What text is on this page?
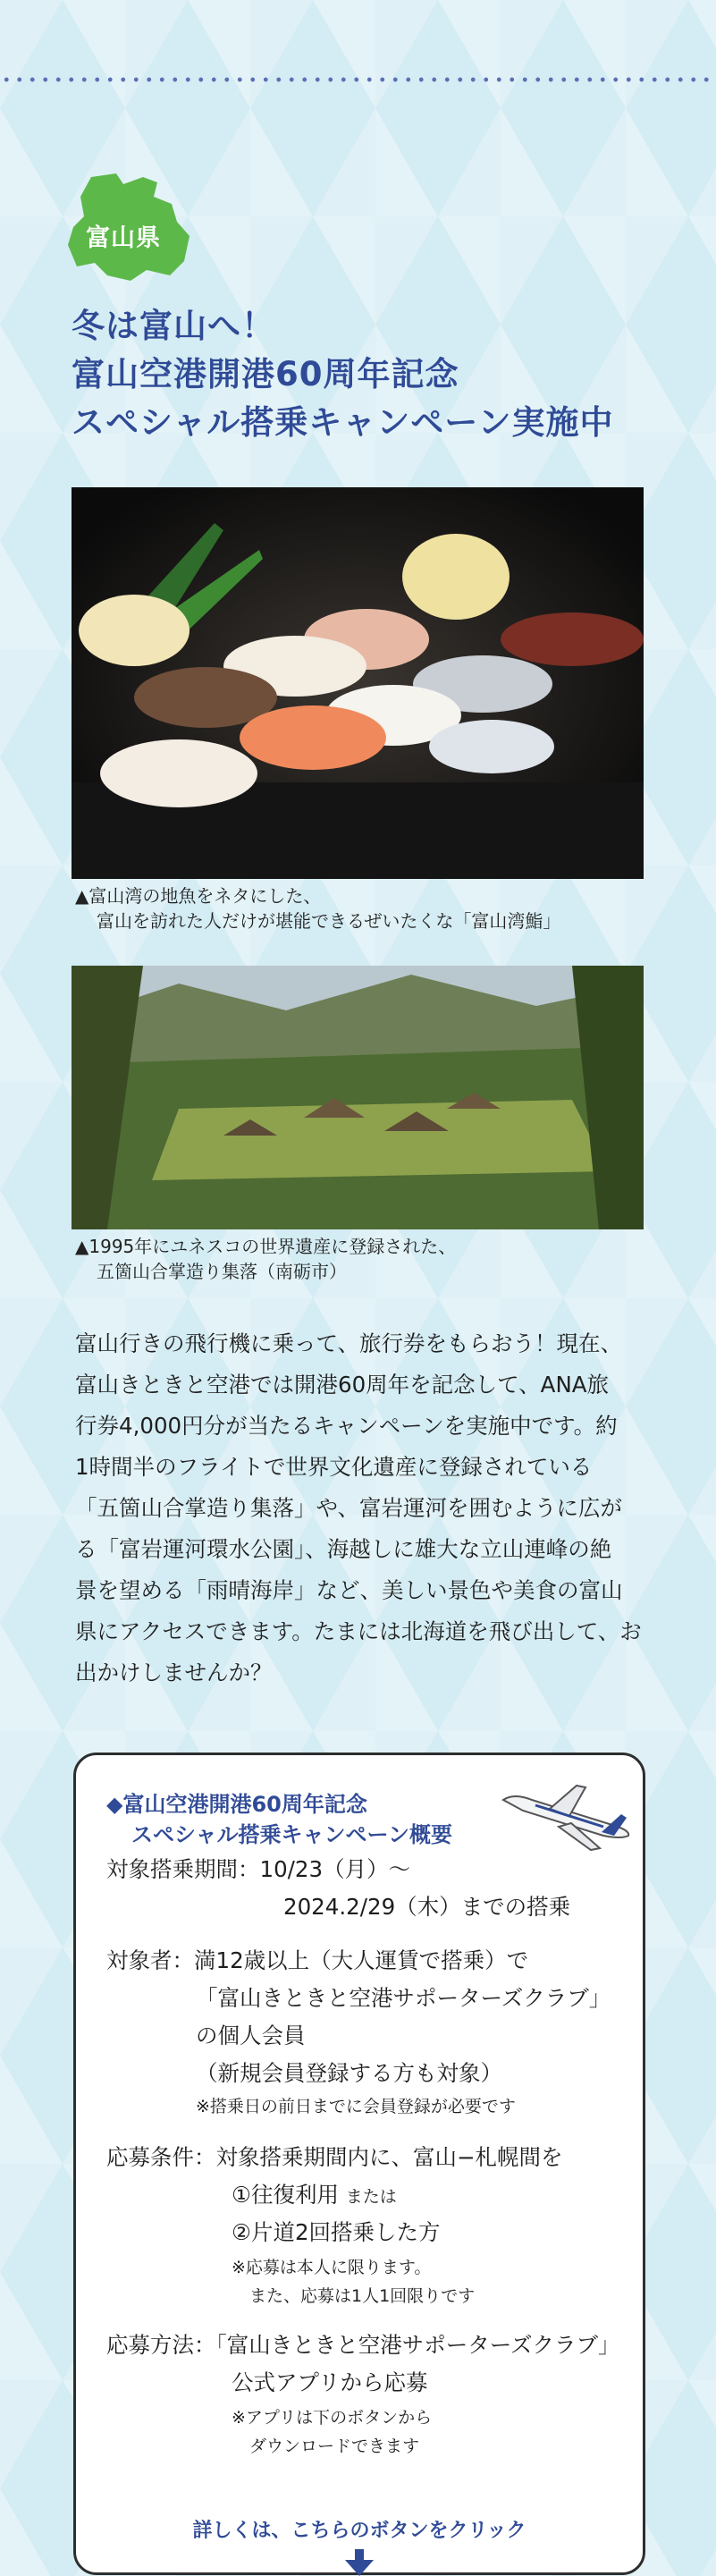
富山県
冬は富山へ！
富山空港開港60周年記念
スペシャル搭乗キャンペーン実施中

▲富山湾の地魚をネタにした、
富山を訪れた人だけが堪能できるぜいたくな「富山湾鮨」

▲1995年にユネスコの世界遺産に登録された、
五箇山合掌造り集落（南砺市）

富山行きの飛行機に乗って、旅行券をもらおう！現在、
富山きときと空港では開港60周年を記念して、ANA旅
行券4,000円分が当たるキャンペーンを実施中です。約
1時間半のフライトで世界文化遺産に登録されている
「五箇山合掌造り集落」や、富岩運河を囲むように広が
る「富岩運河環水公園」、海越しに雄大な立山連峰の絶
景を望める「雨晴海岸」など、美しい景色や美食の富山
県にアクセスできます。たまには北海道を飛び出して、お
出かけしませんか？

◆富山空港開港60周年記念
スペシャル搭乗キャンペーン概要

対象搭乗期間：10/23（月）～
2024.2/29（木）までの搭乗
対象者：満12歳以上（大人運賃で搭乗）で
「富山きときと空港サポーターズクラブ」
の個人会員
（新規会員登録する方も対象）
※搭乗日の前日までに会員登録が必要です
応募条件：対象搭乗期間内に、富山−札幌間を
①往復利用 または
②片道2回搭乗した方
※応募は本人に限ります。
また、応募は1人1回限りです
応募方法：「富山きときと空港サポーターズクラブ」
公式アプリから応募
※アプリは下のボタンから
ダウンロードできます
詳しくは、こちらのボタンをクリック
